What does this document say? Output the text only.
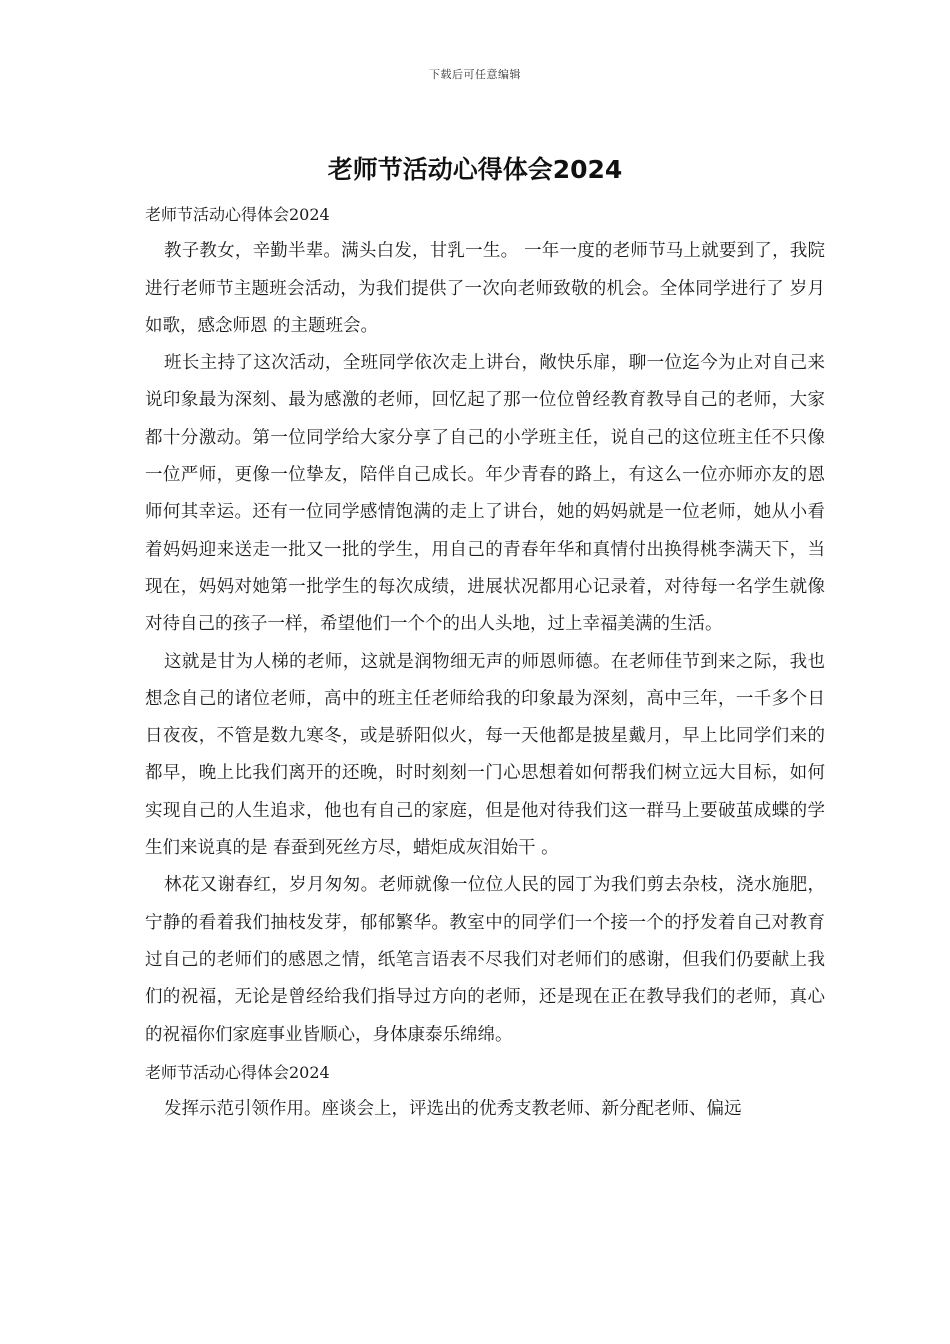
下载后可任意编辑
老师节活动心得体会2024

老师节活动心得体会2024

教子教女，辛勤半辈。满头白发，甘乳一生。 一年一度的老师节马上就要到了，我院进行老师节主题班会活动，为我们提供了一次向老师致敬的机会。全体同学进行了 岁月如歌，感念师恩 的主题班会。

班长主持了这次活动，全班同学依次走上讲台，敞快乐扉，聊一位迄今为止对自己来说印象最为深刻、最为感激的老师，回忆起了那一位位曾经教育教导自己的老师，大家都十分激动。第一位同学给大家分享了自己的小学班主任，说自己的这位班主任不只像一位严师，更像一位挚友，陪伴自己成长。年少青春的路上，有这么一位亦师亦友的恩师何其幸运。还有一位同学感情饱满的走上了讲台，她的妈妈就是一位老师，她从小看着妈妈迎来送走一批又一批的学生，用自己的青春年华和真情付出换得桃李满天下，当现在，妈妈对她第一批学生的每次成绩，进展状况都用心记录着，对待每一名学生就像对待自己的孩子一样，希望他们一个个的出人头地，过上幸福美满的生活。

这就是甘为人梯的老师，这就是润物细无声的师恩师德。在老师佳节到来之际，我也想念自己的诸位老师，高中的班主任老师给我的印象最为深刻，高中三年，一千多个日日夜夜，不管是数九寒冬，或是骄阳似火，每一天他都是披星戴月，早上比同学们来的都早，晚上比我们离开的还晚，时时刻刻一门心思想着如何帮我们树立远大目标，如何实现自己的人生追求，他也有自己的家庭，但是他对待我们这一群马上要破茧成蝶的学生们来说真的是 春蚕到死丝方尽，蜡炬成灰泪始干 。

林花又谢春红，岁月匆匆。老师就像一位位人民的园丁为我们剪去杂枝，浇水施肥，宁静的看着我们抽枝发芽，郁郁繁华。教室中的同学们一个接一个的抒发着自己对教育过自己的老师们的感恩之情，纸笔言语表不尽我们对老师们的感谢，但我们仍要献上我们的祝福，无论是曾经给我们指导过方向的老师，还是现在正在教导我们的老师，真心的祝福你们家庭事业皆顺心，身体康泰乐绵绵。

老师节活动心得体会2024

发挥示范引领作用。座谈会上，评选出的优秀支教老师、新分配老师、偏远
